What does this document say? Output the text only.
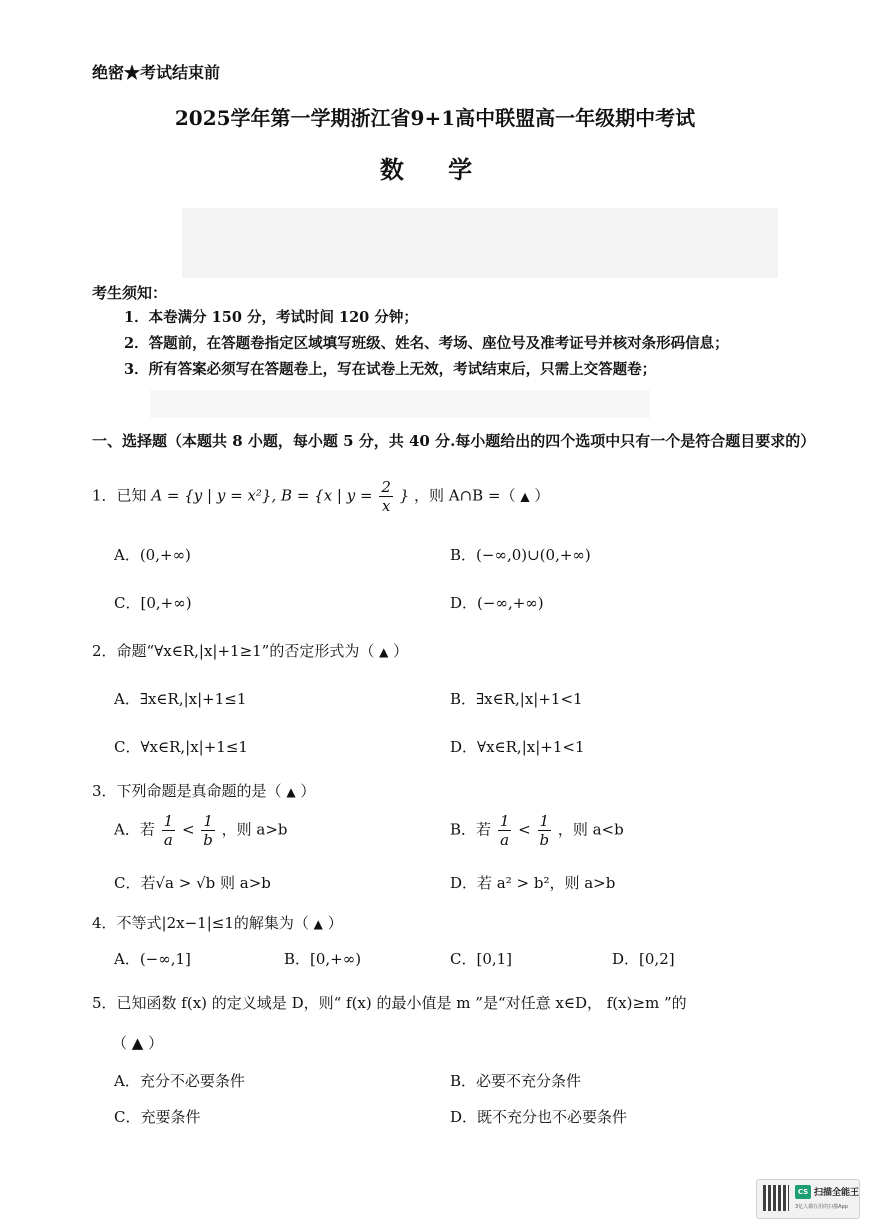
绝密★考试结束前
2025学年第一学期浙江省9+1高中联盟高一年级期中考试
数 学
考生须知：
1．本卷满分 150 分，考试时间 120 分钟；
2．答题前，在答题卷指定区域填写班级、姓名、考场、座位号及准考证号并核对条形码信息；
3．所有答案必须写在答题卷上，写在试卷上无效，考试结束后，只需上交答题卷；
一、选择题（本题共 8 小题，每小题 5 分，共 40 分.每小题给出的四个选项中只有一个是符合题目要求的）
1．已知 A = {y | y = x²}, B = {x | $y = \frac{2}{x}$ } ，则 A∩B =（ ▲ ）
A．(0,+∞)	B．(−∞,0)∪(0,+∞)
C．[0,+∞)	D．(−∞,+∞)
2．命题“∀x∈R,|x|+1≥1”的否定形式为（ ▲ ）
A．∃x∈R,|x|+1≤1	B．∃x∈R,|x|+1<1
C．∀x∈R,|x|+1≤1	D．∀x∈R,|x|+1<1
3．下列命题是真命题的是（ ▲ ）
A．若 $\frac{1}{a} < \frac{1}{b}$ ，则 a>b	B．若 $\frac{1}{a} < \frac{1}{b}$ ，则 a<b
C．若√a > √b 则 a>b	D．若 a² > b²，则 a>b
4．不等式|2x−1|≤1的解集为（ ▲ ）
A．(−∞,1]	B．[0,+∞)	C．[0,1]	D．[0,2]
5．已知函数 f(x) 的定义域是 D，则“ f(x) 的最小值是 m ”是“对任意 x∈D， f(x)≥m ”的
（ ▲ ）
A．充分不必要条件	B．必要不充分条件
C．充要条件	D．既不充分也不必要条件
CS 扫描全能王
3亿人都在用的扫描App
